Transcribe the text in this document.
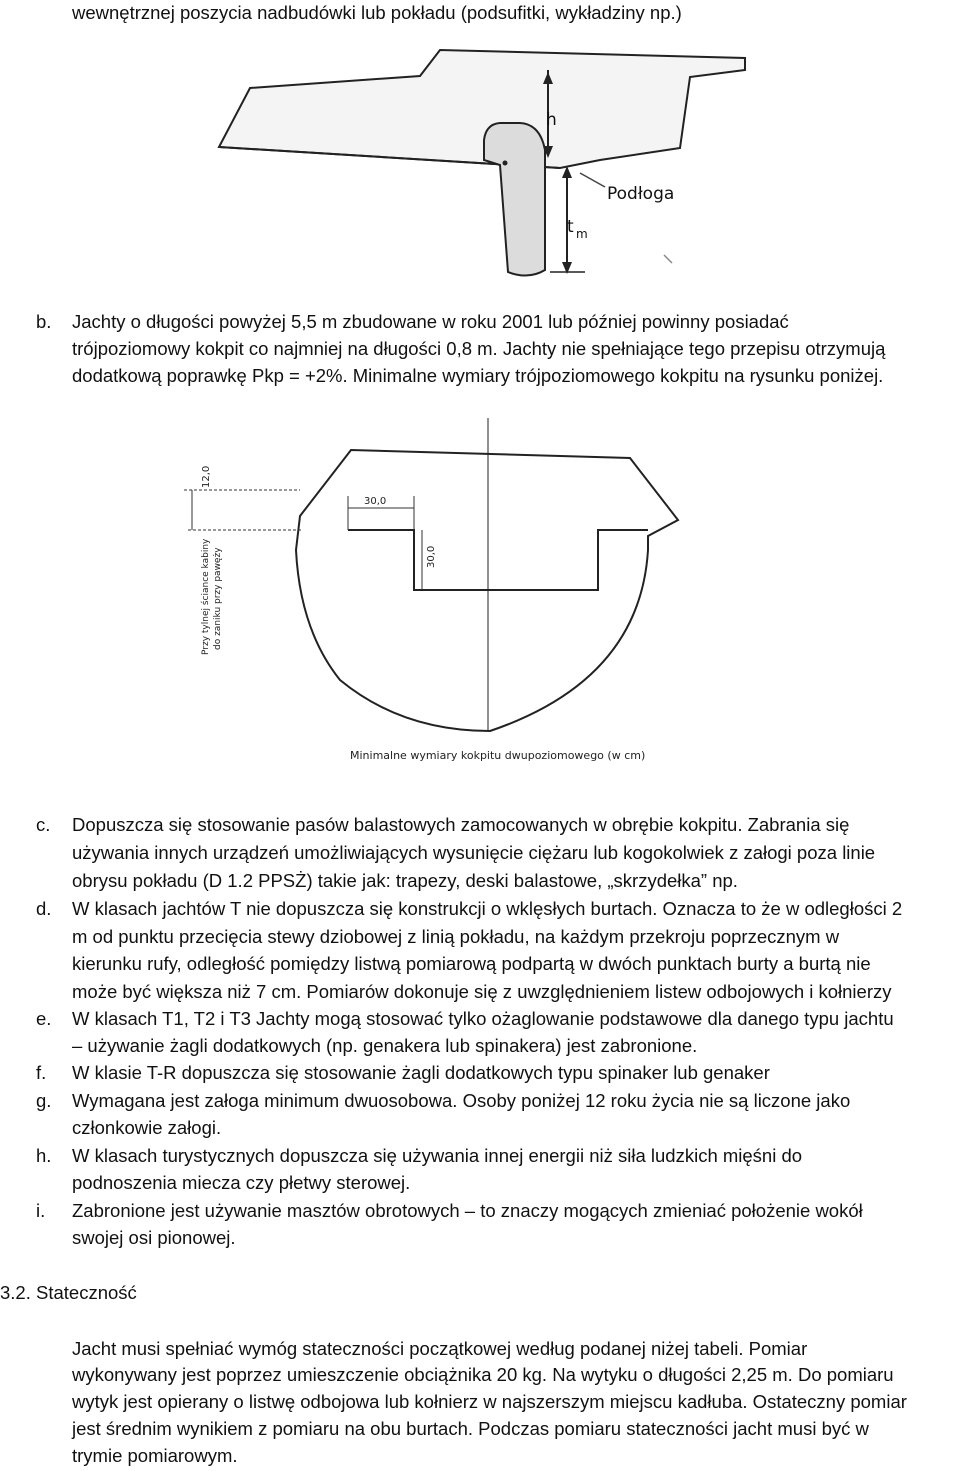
wewnętrznej poszycia nadbudówki lub pokładu (podsufitki, wykładziny np.)
h
Podłoga
t m
b. Jachty o długości powyżej 5,5 m zbudowane w roku 2001 lub później powinny posiadać
trójpoziomowy kokpit co najmniej na długości 0,8 m. Jachty nie spełniające tego przepisu otrzymują
dodatkową poprawkę Pkp = +2%. Minimalne wymiary trójpoziomowego kokpitu na rysunku poniżej.
12,0
30,0
30,0
Przy tylnej ściance kabiny do zaniku przy pawęży
Minimalne wymiary kokpitu dwupoziomowego (w cm)
c. Dopuszcza się stosowanie pasów balastowych zamocowanych w obrębie kokpitu. Zabrania się
używania innych urządzeń umożliwiających wysunięcie ciężaru lub kogokolwiek z załogi poza linie
obrysu pokładu (D 1.2 PPSŻ) takie jak: trapezy, deski balastowe, „skrzydełka” np.
d. W klasach jachtów T nie dopuszcza się konstrukcji o wklęsłych burtach. Oznacza to że w odległości 2
m od punktu przecięcia stewy dziobowej z linią pokładu, na każdym przekroju poprzecznym w
kierunku rufy, odległość pomiędzy listwą pomiarową podpartą w dwóch punktach burty a burtą nie
może być większa niż 7 cm. Pomiarów dokonuje się z uwzględnieniem listew odbojowych i kołnierzy
e. W klasach T1, T2 i T3 Jachty mogą stosować tylko ożaglowanie podstawowe dla danego typu jachtu
– używanie żagli dodatkowych (np. genakera lub spinakera) jest zabronione.
f. W klasie T-R dopuszcza się stosowanie żagli dodatkowych typu spinaker lub genaker
g. Wymagana jest załoga minimum dwuosobowa. Osoby poniżej 12 roku życia nie są liczone jako
członkowie załogi.
h. W klasach turystycznych dopuszcza się używania innej energii niż siła ludzkich mięśni do
podnoszenia miecza czy płetwy sterowej.
i. Zabronione jest używanie masztów obrotowych – to znaczy mogących zmieniać położenie wokół
swojej osi pionowej.
3.2. Stateczność
Jacht musi spełniać wymóg stateczności początkowej według podanej niżej tabeli. Pomiar
wykonywany jest poprzez umieszczenie obciążnika 20 kg. Na wytyku o długości 2,25 m. Do pomiaru
wytyk jest opierany o listwę odbojowa lub kołnierz w najszerszym miejscu kadłuba. Ostateczny pomiar
jest średnim wynikiem z pomiaru na obu burtach. Podczas pomiaru stateczności jacht musi być w
trymie pomiarowym.
